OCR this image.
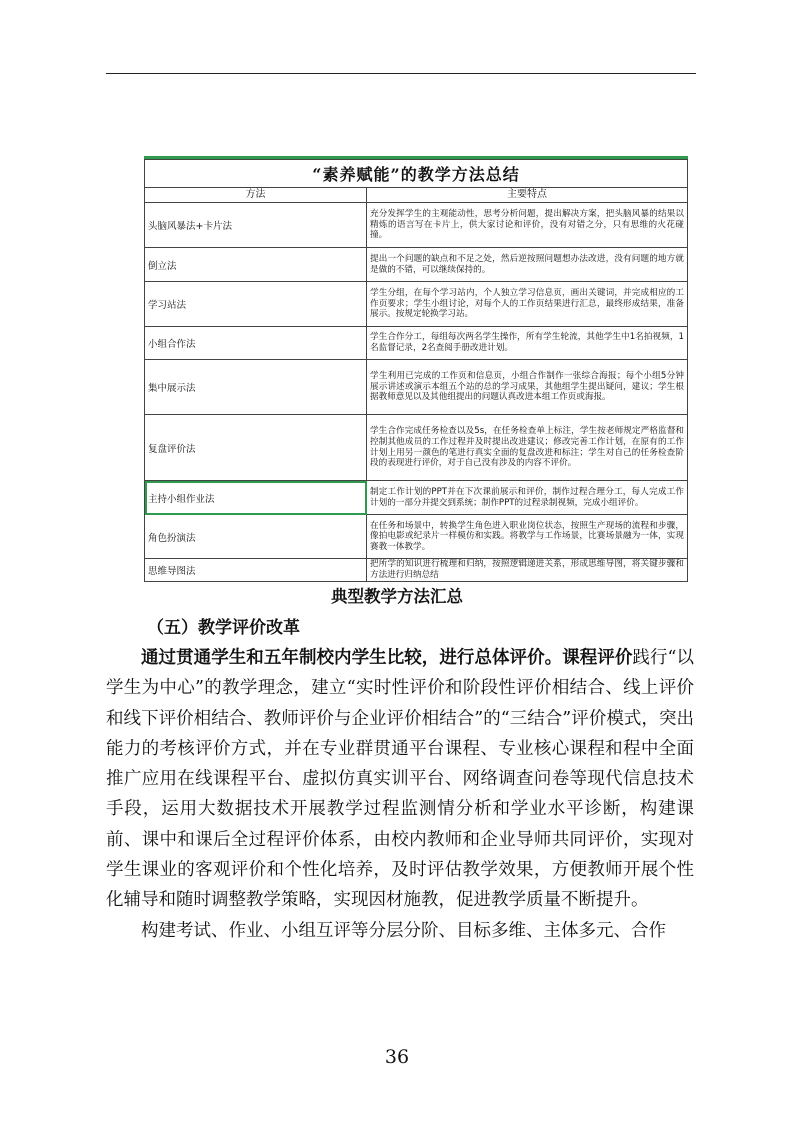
“素养赋能”的教学方法总结	
方法	主要特点
头脑风暴法+卡片法	充分发挥学生的主观能动性，思考分析问题，提出解决方案，把头脑风暴的结果以精炼的语言写在卡片上，供大家讨论和评价，没有对错之分，只有思维的火花碰撞。

倒立法	提出一个问题的缺点和不足之处，然后逆按照问题想办法改进，没有问题的地方就是做的不错，可以继续保持的。

学习站法	学生分组，在每个学习站内，个人独立学习信息页，画出关键词，并完成相应的工作页要求；学生小组讨论，对每个人的工作页结果进行汇总，最终形成结果，准备展示。按规定轮换学习站。

小组合作法	学生合作分工，每组每次两名学生操作，所有学生轮流，其他学生中1名拍视频，1名监督记录，2名查阅手册改进计划。

集中展示法	学生利用已完成的工作页和信息页，小组合作制作一张综合海报；每个小组5分钟展示讲述或演示本组五个站的总的学习成果，其他组学生提出疑问，建议；学生根据教师意见以及其他组提出的问题认真改进本组工作页或海报。

复盘评价法	学生合作完成任务检查以及5s，在任务检查单上标注，学生按老师规定严格监督和控制其他成员的工作过程并及时提出改进建议；修改完善工作计划，在原有的工作计划上用另一颜色的笔进行真实全面的复盘改进和标注；学生对自己的任务检查阶段的表现进行评价，对于自己没有涉及的内容不评价。

主持小组作业法	制定工作计划的PPT并在下次课前展示和评价，制作过程合理分工，每人完成工作计划的一部分并提交到系统；制作PPT的过程录制视频，完成小组评价。

角色扮演法	在任务和场景中，转换学生角色进入职业岗位状态，按照生产现场的流程和步骤，像拍电影或纪录片一样模仿和实践。将教学与工作场景，比赛场景融为一体，实现赛教一体教学。

思维导图法	把所学的知识进行梳理和归纳，按照逻辑递进关系，形成思维导图，将关键步骤和方法进行归纳总结
典型教学方法汇总
（五）教学评价改革

通过贯通学生和五年制校内学生比较，进行总体评价。课程评价践行“以学生为中心”的教学理念，建立“实时性评价和阶段性评价相结合、线上评价和线下评价相结合、教师评价与企业评价相结合”的“三结合”评价模式，突出能力的考核评价方式，并在专业群贯通平台课程、专业核心课程和程中全面推广应用在线课程平台、虚拟仿真实训平台、网络调查问卷等现代信息技术手段，运用大数据技术开展教学过程监测情分析和学业水平诊断，构建课前、课中和课后全过程评价体系，由校内教师和企业导师共同评价，实现对学生课业的客观评价和个性化培养，及时评估教学效果，方便教师开展个性化辅导和随时调整教学策略，实现因材施教，促进教学质量不断提升。

构建考试、作业、小组互评等分层分阶、目标多维、主体多元、合作

36
